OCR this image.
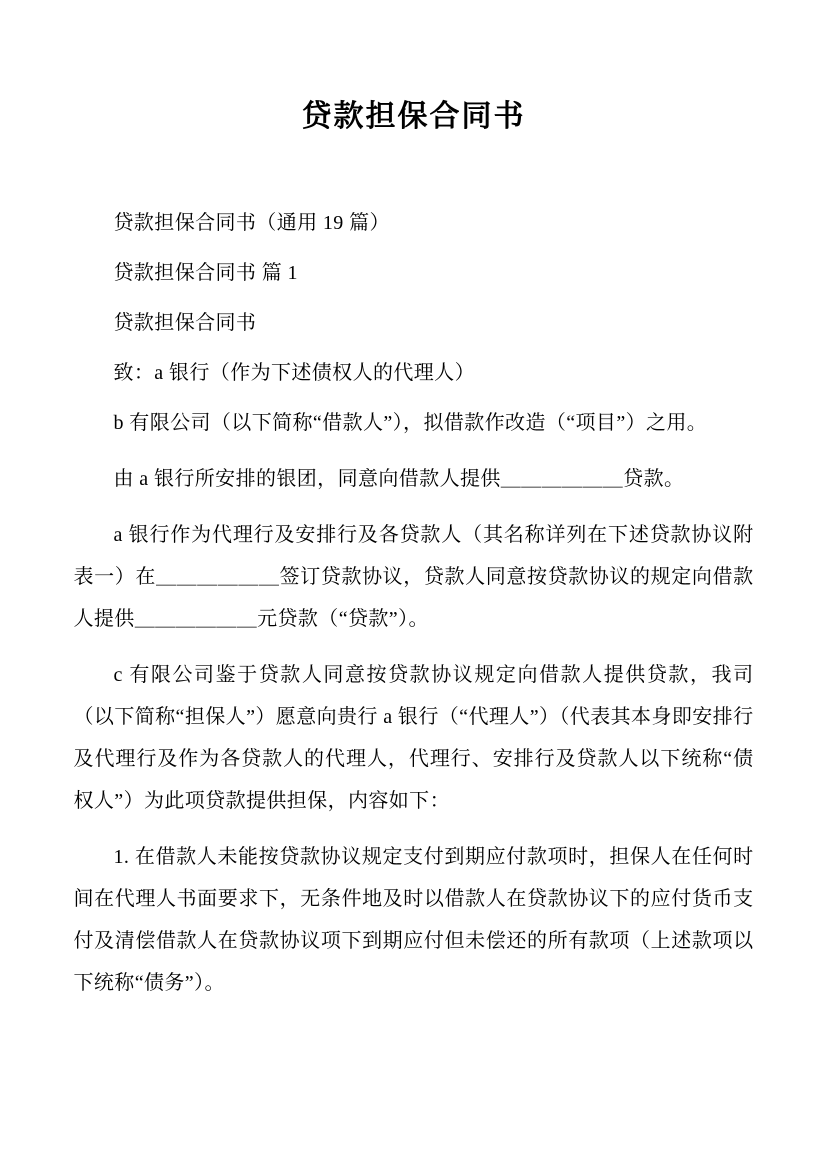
贷款担保合同书

贷款担保合同书（通用 19 篇）

贷款担保合同书 篇 1

贷款担保合同书

致：a 银行（作为下述债权人的代理人）

b 有限公司（以下简称“借款人”），拟借款作改造（“项目”）之用。

由 a 银行所安排的银团，同意向借款人提供＿＿＿＿＿＿贷款。

a 银行作为代理行及安排行及各贷款人（其名称详列在下述贷款协议附表一）在＿＿＿＿＿＿签订贷款协议，贷款人同意按贷款协议的规定向借款人提供＿＿＿＿＿＿元贷款（“贷款”）。

c 有限公司鉴于贷款人同意按贷款协议规定向借款人提供贷款，我司（以下简称“担保人”）愿意向贵行 a 银行（“代理人”）（代表其本身即安排行及代理行及作为各贷款人的代理人，代理行、安排行及贷款人以下统称“债权人”）为此项贷款提供担保，内容如下：

1. 在借款人未能按贷款协议规定支付到期应付款项时，担保人在任何时间在代理人书面要求下，无条件地及时以借款人在贷款协议下的应付货币支付及清偿借款人在贷款协议项下到期应付但未偿还的所有款项（上述款项以下统称“债务”）。
